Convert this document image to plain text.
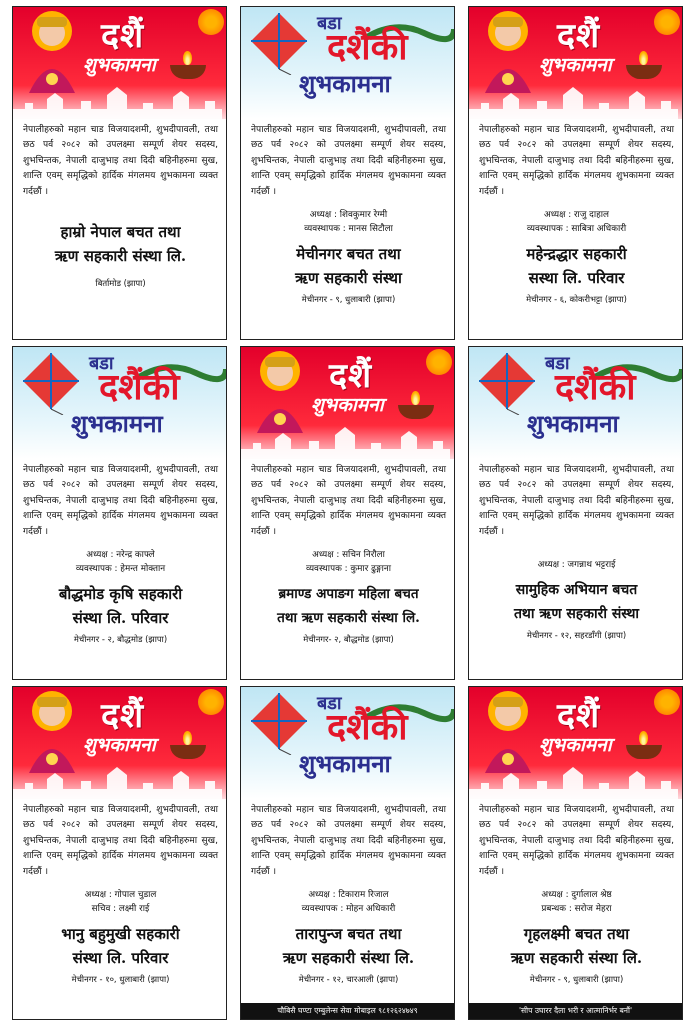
दशैं
शुभकामना

नेपालीहरुको महान चाड विजयादशमी, शुभदीपावली, तथा छठ पर्व २०८२ को उपलक्ष्मा सम्पूर्ण शेयर सदस्य, शुभचिन्तक, नेपाली दाजुभाइ तथा दिदी बहिनीहरुमा सुख, शान्ति एवम् समृद्धिको हार्दिक मंगलमय शुभकामना व्यक्त गर्दछौं ।

हाम्रो नेपाल बचत तथा
ऋण सहकारी संस्था लि.
बिर्तामोड (झापा)
बडा
दशैंकी
शुभकामना

नेपालीहरुको महान चाड विजयादशमी, शुभदीपावली, तथा छठ पर्व २०८२ को उपलक्ष्मा सम्पूर्ण शेयर सदस्य, शुभचिन्तक, नेपाली दाजुभाइ तथा दिदी बहिनीहरुमा सुख, शान्ति एवम् समृद्धिको हार्दिक मंगलमय शुभकामना व्यक्त गर्दछौं ।

अध्यक्ष : शिवकुमार रेग्मी
व्यवस्थापक : मानस सिटौला
मेचीनगर बचत तथा
ऋण सहकारी संस्था
मेचीनगर - ९, धुलाबारी (झापा)
दशैं
शुभकामना

नेपालीहरुको महान चाड विजयादशमी, शुभदीपावली, तथा छठ पर्व २०८२ को उपलक्ष्मा सम्पूर्ण शेयर सदस्य, शुभचिन्तक, नेपाली दाजुभाइ तथा दिदी बहिनीहरुमा सुख, शान्ति एवम् समृद्धिको हार्दिक मंगलमय शुभकामना व्यक्त गर्दछौं ।

अध्यक्ष : राजु दाहाल
व्यवस्थापक : साबित्रा अधिकारी
महेन्द्रद्धार सहकारी
सस्था लि. परिवार
मेचीनगर - ६, कोकरीभट्टा (झापा)
बडा
दशैंकी
शुभकामना

नेपालीहरुको महान चाड विजयादशमी, शुभदीपावली, तथा छठ पर्व २०८२ को उपलक्ष्मा सम्पूर्ण शेयर सदस्य, शुभचिन्तक, नेपाली दाजुभाइ तथा दिदी बहिनीहरुमा सुख, शान्ति एवम् समृद्धिको हार्दिक मंगलमय शुभकामना व्यक्त गर्दछौं ।

अध्यक्ष : नरेन्द्र काफ्ले
व्यवस्थापक : हेमन्त मोक्तान
बौद्धमोड कृषि सहकारी
संस्था लि. परिवार
मेचीनगर - २, बौद्धमोड (झापा)
दशैं
शुभकामना

नेपालीहरुको महान चाड विजयादशमी, शुभदीपावली, तथा छठ पर्व २०८२ को उपलक्ष्मा सम्पूर्ण शेयर सदस्य, शुभचिन्तक, नेपाली दाजुभाइ तथा दिदी बहिनीहरुमा सुख, शान्ति एवम् समृद्धिको हार्दिक मंगलमय शुभकामना व्यक्त गर्दछौं ।

अध्यक्ष : सचिन निरौला
व्यवस्थापक : कुमार ढुङ्गाना
ब्रमाण्ड अपाङग महिला बचत
तथा ऋण सहकारी संस्था लि.
मेचीनगर- २, बौद्धमोड (झापा)
बडा
दशैंकी
शुभकामना

नेपालीहरुको महान चाड विजयादशमी, शुभदीपावली, तथा छठ पर्व २०८२ को उपलक्ष्मा सम्पूर्ण शेयर सदस्य, शुभचिन्तक, नेपाली दाजुभाइ तथा दिदी बहिनीहरुमा सुख, शान्ति एवम् समृद्धिको हार्दिक मंगलमय शुभकामना व्यक्त गर्दछौं ।

अध्यक्ष : जगन्नाथ भट्टराई
सामुहिक अभियान बचत
तथा ऋण सहकारी संस्था
मेचीनगर - १२, सहरडाँगी (झापा)
दशैं
शुभकामना

नेपालीहरुको महान चाड विजयादशमी, शुभदीपावली, तथा छठ पर्व २०८२ को उपलक्ष्मा सम्पूर्ण शेयर सदस्य, शुभचिन्तक, नेपाली दाजुभाइ तथा दिदी बहिनीहरुमा सुख, शान्ति एवम् समृद्धिको हार्दिक मंगलमय शुभकामना व्यक्त गर्दछौं ।

अध्यक्ष : गोपाल चुडाल
सचिव : लक्ष्मी राई
भानु बहुमुखी सहकारी
संस्था लि. परिवार
मेचीनगर - १०, धुलाबारी (झापा)
बडा
दशैंकी
शुभकामना

नेपालीहरुको महान चाड विजयादशमी, शुभदीपावली, तथा छठ पर्व २०८२ को उपलक्ष्मा सम्पूर्ण शेयर सदस्य, शुभचिन्तक, नेपाली दाजुभाइ तथा दिदी बहिनीहरुमा सुख, शान्ति एवम् समृद्धिको हार्दिक मंगलमय शुभकामना व्यक्त गर्दछौं ।

अध्यक्ष : टिकाराम रिजाल
व्यवस्थापक : मोहन अधिकारी
तारापुन्ज बचत तथा
ऋण सहकारी संस्था लि.
मेचीनगर - १२, चारआली (झापा)
चौबिसै घण्टा एम्बुलेन्स सेवा मोबाइल ९८१२६२४७४९
दशैं
शुभकामना

नेपालीहरुको महान चाड विजयादशमी, शुभदीपावली, तथा छठ पर्व २०८२ को उपलक्ष्मा सम्पूर्ण शेयर सदस्य, शुभचिन्तक, नेपाली दाजुभाइ तथा दिदी बहिनीहरुमा सुख, शान्ति एवम् समृद्धिको हार्दिक मंगलमय शुभकामना व्यक्त गर्दछौं ।

अध्यक्ष : दुर्गालाल श्रेष्ठ
प्रबन्धक : सरोज मेहरा
गृहलक्ष्मी बचत तथा
ऋण सहकारी संस्था लि.
मेचीनगर - ९, धुलाबारी (झापा)
'सीप उघारर दैला भरी र आत्मानिर्भर बनौं'
